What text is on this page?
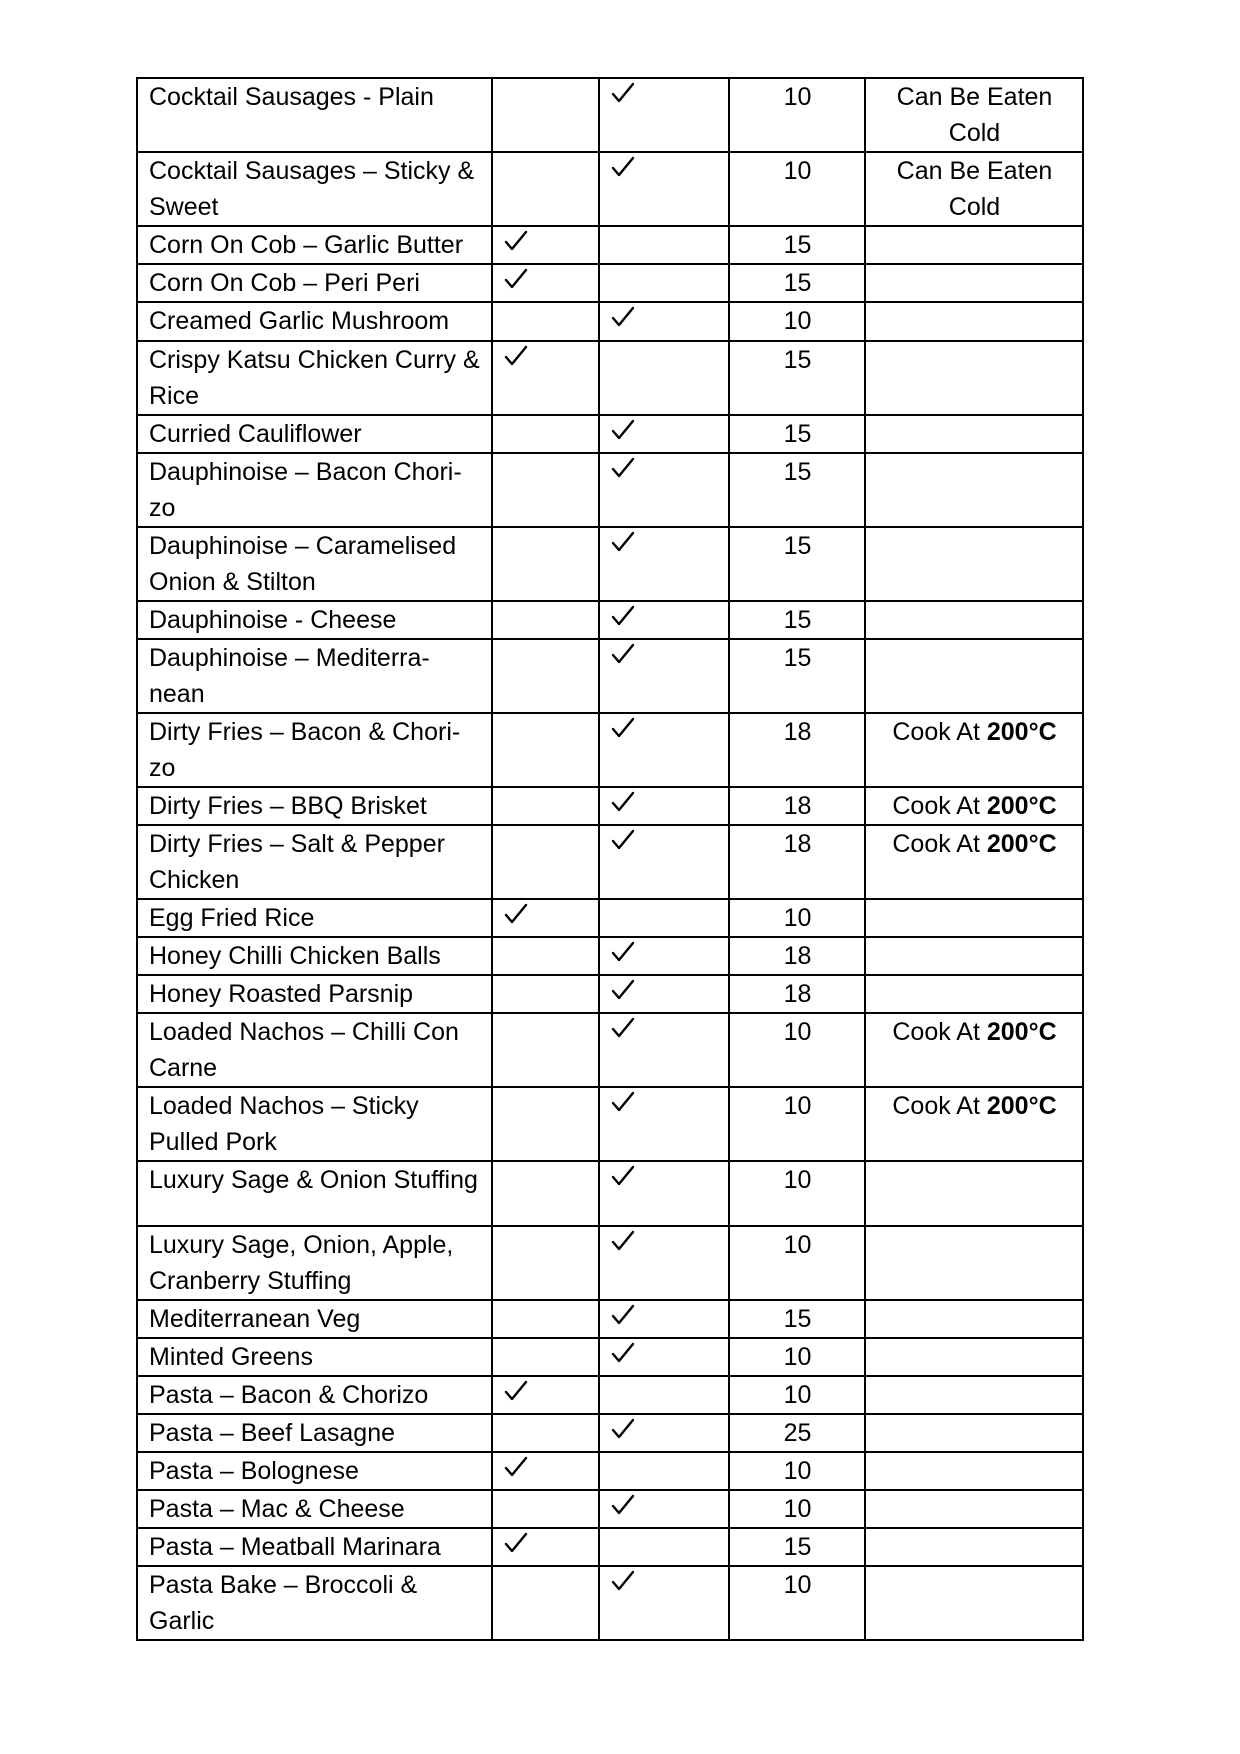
Cocktail Sausages - Plain			10	Can Be Eaten Cold
Cocktail Sausages – Sticky & Sweet			10	Can Be Eaten Cold
Corn On Cob – Garlic Butter			15	
Corn On Cob – Peri Peri			15	
Creamed Garlic Mushroom			10	
Crispy Katsu Chicken Curry & Rice			15	
Curried Cauliflower			15	
Dauphinoise – Bacon Chori-zo			15	
Dauphinoise – Caramelised Onion & Stilton			15	
Dauphinoise - Cheese			15	
Dauphinoise – Mediterra-nean			15	
Dirty Fries – Bacon & Chori-zo			18	Cook At 200°C
Dirty Fries – BBQ Brisket			18	Cook At 200°C
Dirty Fries – Salt & Pepper Chicken			18	Cook At 200°C
Egg Fried Rice			10	
Honey Chilli Chicken Balls			18	
Honey Roasted Parsnip			18	
Loaded Nachos – Chilli Con Carne			10	Cook At 200°C
Loaded Nachos – Sticky Pulled Pork			10	Cook At 200°C
Luxury Sage & Onion Stuffing			10	
Luxury Sage, Onion, Apple, Cranberry Stuffing			10	
Mediterranean Veg			15	
Minted Greens			10	
Pasta – Bacon & Chorizo			10	
Pasta – Beef Lasagne			25	
Pasta – Bolognese			10	
Pasta – Mac & Cheese			10	
Pasta – Meatball Marinara			15	
Pasta Bake – Broccoli & Garlic			10	
